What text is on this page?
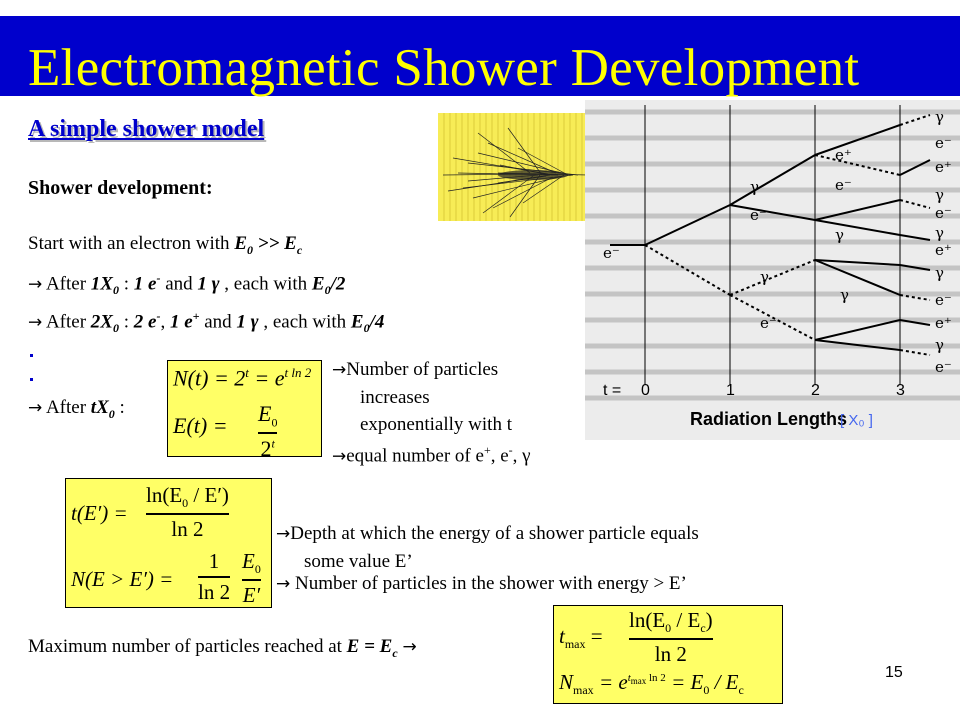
Electromagnetic Shower Development
A simple shower model	γ
e⁻
e⁺
γ
e⁻
γ
e⁺
γ
e⁻
e⁺
γ
e⁻
e⁻
γ
e⁻
e⁺
e⁻
γ
γ
e⁻
γ
t = 0	1	2	3
Radiation Lengths
[ X₀ ]
Shower development:
Start with an electron with $E_0 >> E_c$
→ After $1X_0$ : 1 e- and 1 γ , each with $E_0/2$
→ After $2X_0$ : 2 e-, 1 e+ and 1 γ , each with $E_0/4$
→ After $tX_0$ :
$N(t) = 2^t = e^{t ln 2}$
$E(t) = E_0$
$2^t$
→Number of particles
increases
exponentially with t
→equal number of e+, e-, γ
t(E′) =
$\ln(E_0 / E')$
ln 2
N(E > E′) =
1
ln 2
$E_0$
E′
→Depth at which the energy of a shower particle equals
some value E’
→ Number of particles in the shower with energy > E’
Maximum number of particles reached at $E = E_c$ →	$t_{max}$ =
$\ln(E_0 / E_c)$
ln 2
$N_{max} = e^{t_{max} ln 2} = E_0 / E_c$
15
